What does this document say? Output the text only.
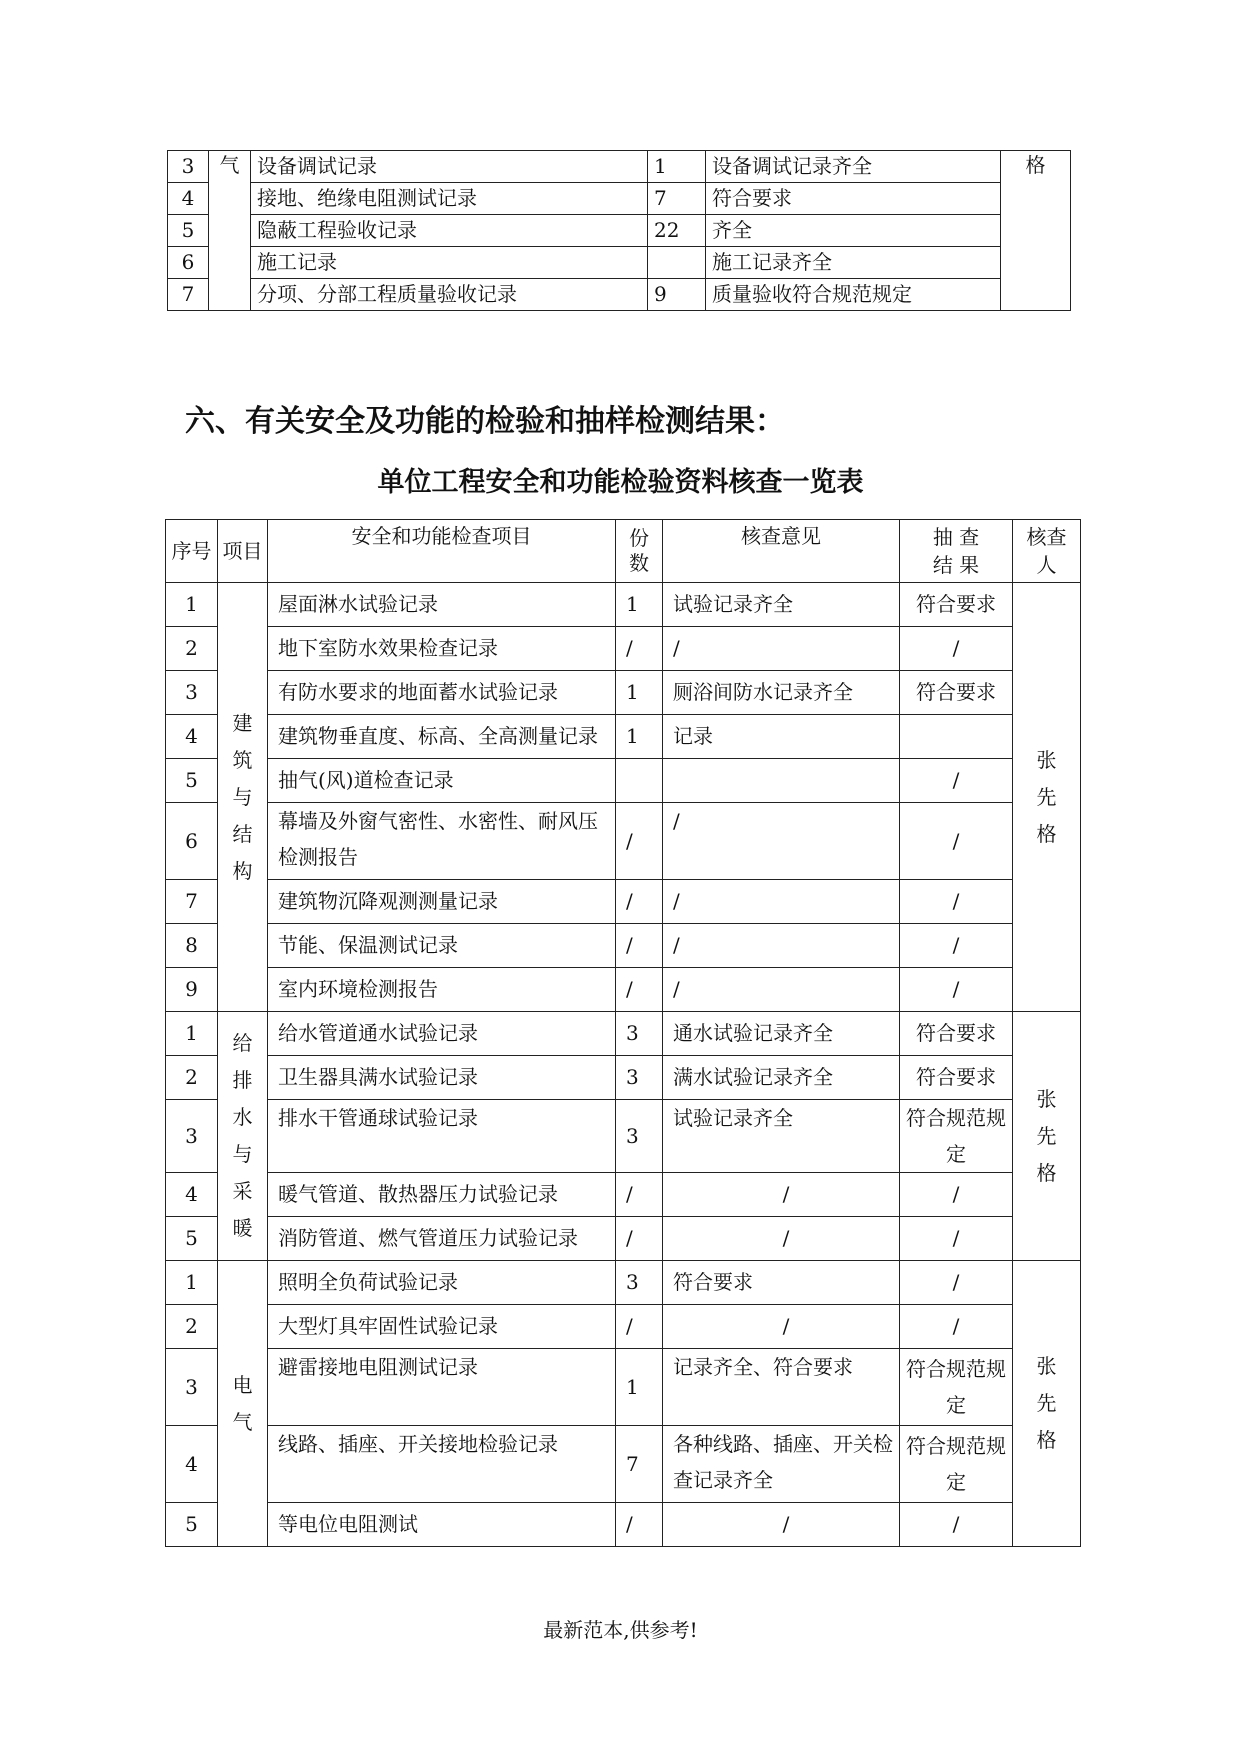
3	气	设备调试记录	1	设备调试记录齐全	格
4		接地、绝缘电阻测试记录	7	符合要求	
5		隐蔽工程验收记录	22	齐全	
6		施工记录		施工记录齐全	
7		分项、分部工程质量验收记录	9	质量验收符合规范规定	
六、有关安全及功能的检验和抽样检测结果：
单位工程安全和功能检验资料核查一览表
序号	项目	安全和功能检查项目	份数	核查意见	抽 查 结 果	核查人
1	建筑与结构	屋面淋水试验记录	1	试验记录齐全	符合要求	张先格
2		地下室防水效果检查记录	/	/	/	
3		有防水要求的地面蓄水试验记录	1	厕浴间防水记录齐全	符合要求	
4		建筑物垂直度、标高、全高测量记录	1	记录		
5		抽气(风)道检查记录			/	
6		幕墙及外窗气密性、水密性、耐风压检测报告	/	/	/	
7		建筑物沉降观测测量记录	/	/	/	
8		节能、保温测试记录	/	/	/	
9		室内环境检测报告	/	/	/	
1	给排水与采暖	给水管道通水试验记录	3	通水试验记录齐全	符合要求	张先格
2		卫生器具满水试验记录	3	满水试验记录齐全	符合要求	
3		排水干管通球试验记录	3	试验记录齐全	符合规范规定	
4		暖气管道、散热器压力试验记录	/	/	/	
5		消防管道、燃气管道压力试验记录	/	/	/	
1	电气	照明全负荷试验记录	3	符合要求	/	张先格
2		大型灯具牢固性试验记录	/	/	/	
3		避雷接地电阻测试记录	1	记录齐全、符合要求	符合规范规定	
4		线路、插座、开关接地检验记录	7	各种线路、插座、开关检查记录齐全	符合规范规定	
5		等电位电阻测试	/	/	/	
最新范本,供参考!
